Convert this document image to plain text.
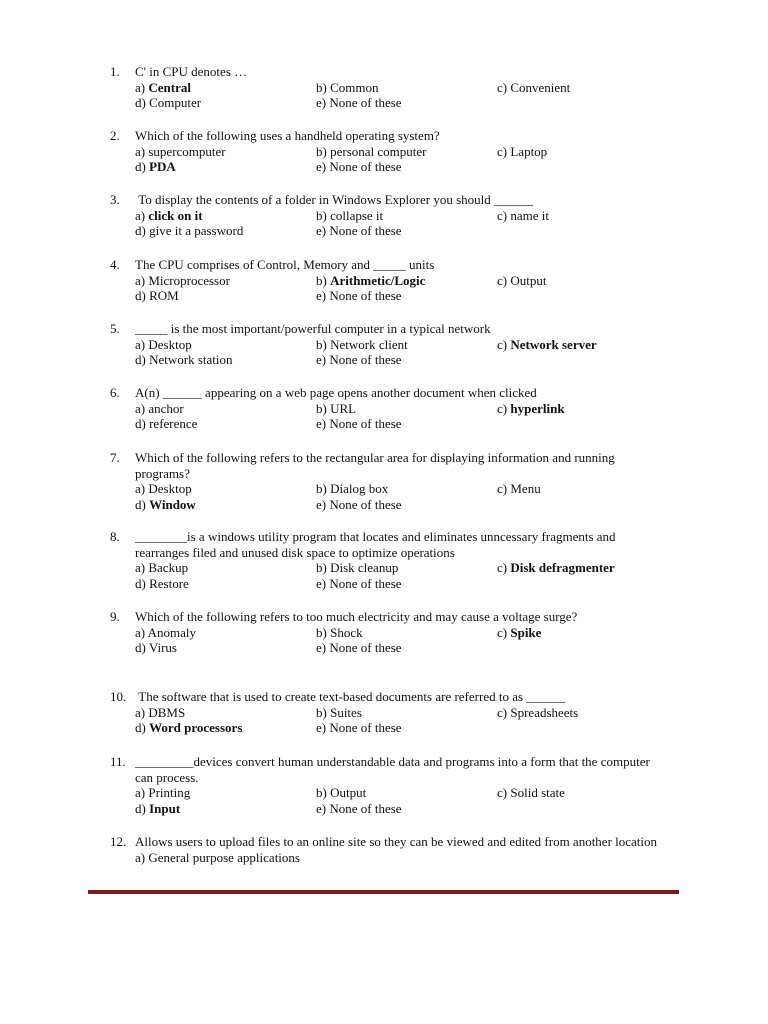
1.	C' in CPU denotes …
a) Central	b) Common	c) Convenient
d) Computer	e) None of these
2.	Which of the following uses a handheld operating system?
a) supercomputer	b) personal computer	c) Laptop
d) PDA	e) None of these
3.	To display the contents of a folder in Windows Explorer you should ______
a) click on it	b) collapse it	c) name it
d) give it a password	e) None of these
4.	The CPU comprises of Control, Memory and _____ units
a) Microprocessor	b) Arithmetic/Logic	c) Output
d) ROM	e) None of these
5.	_____ is the most important/powerful computer in a typical network
a) Desktop	b) Network client	c) Network server
d) Network station	e) None of these
6.	A(n) ______ appearing on a web page opens another document when clicked
a) anchor	b) URL	c) hyperlink
d) reference	e) None of these
7.	Which of the following refers to the rectangular area for displaying information and running programs?
a) Desktop	b) Dialog box	c) Menu
d) Window	e) None of these
8.	________is a windows utility program that locates and eliminates unncessary fragments and rearranges filed and unused disk space to optimize operations
a) Backup	b) Disk cleanup	c) Disk defragmenter
d) Restore	e) None of these
9.	Which of the following refers to too much electricity and may cause a voltage surge?
a) Anomaly	b) Shock	c) Spike
d) Virus	e) None of these
10. The software that is used to create text-based documents are referred to as ______
a) DBMS	b) Suites	c) Spreadsheets
d) Word processors	e) None of these
11. _________devices convert human understandable data and programs into a form that the computer can process.
a) Printing	b) Output	c) Solid state
d) Input	e) None of these
12. Allows users to upload files to an online site so they can be viewed and edited from another location
a) General purpose applications
